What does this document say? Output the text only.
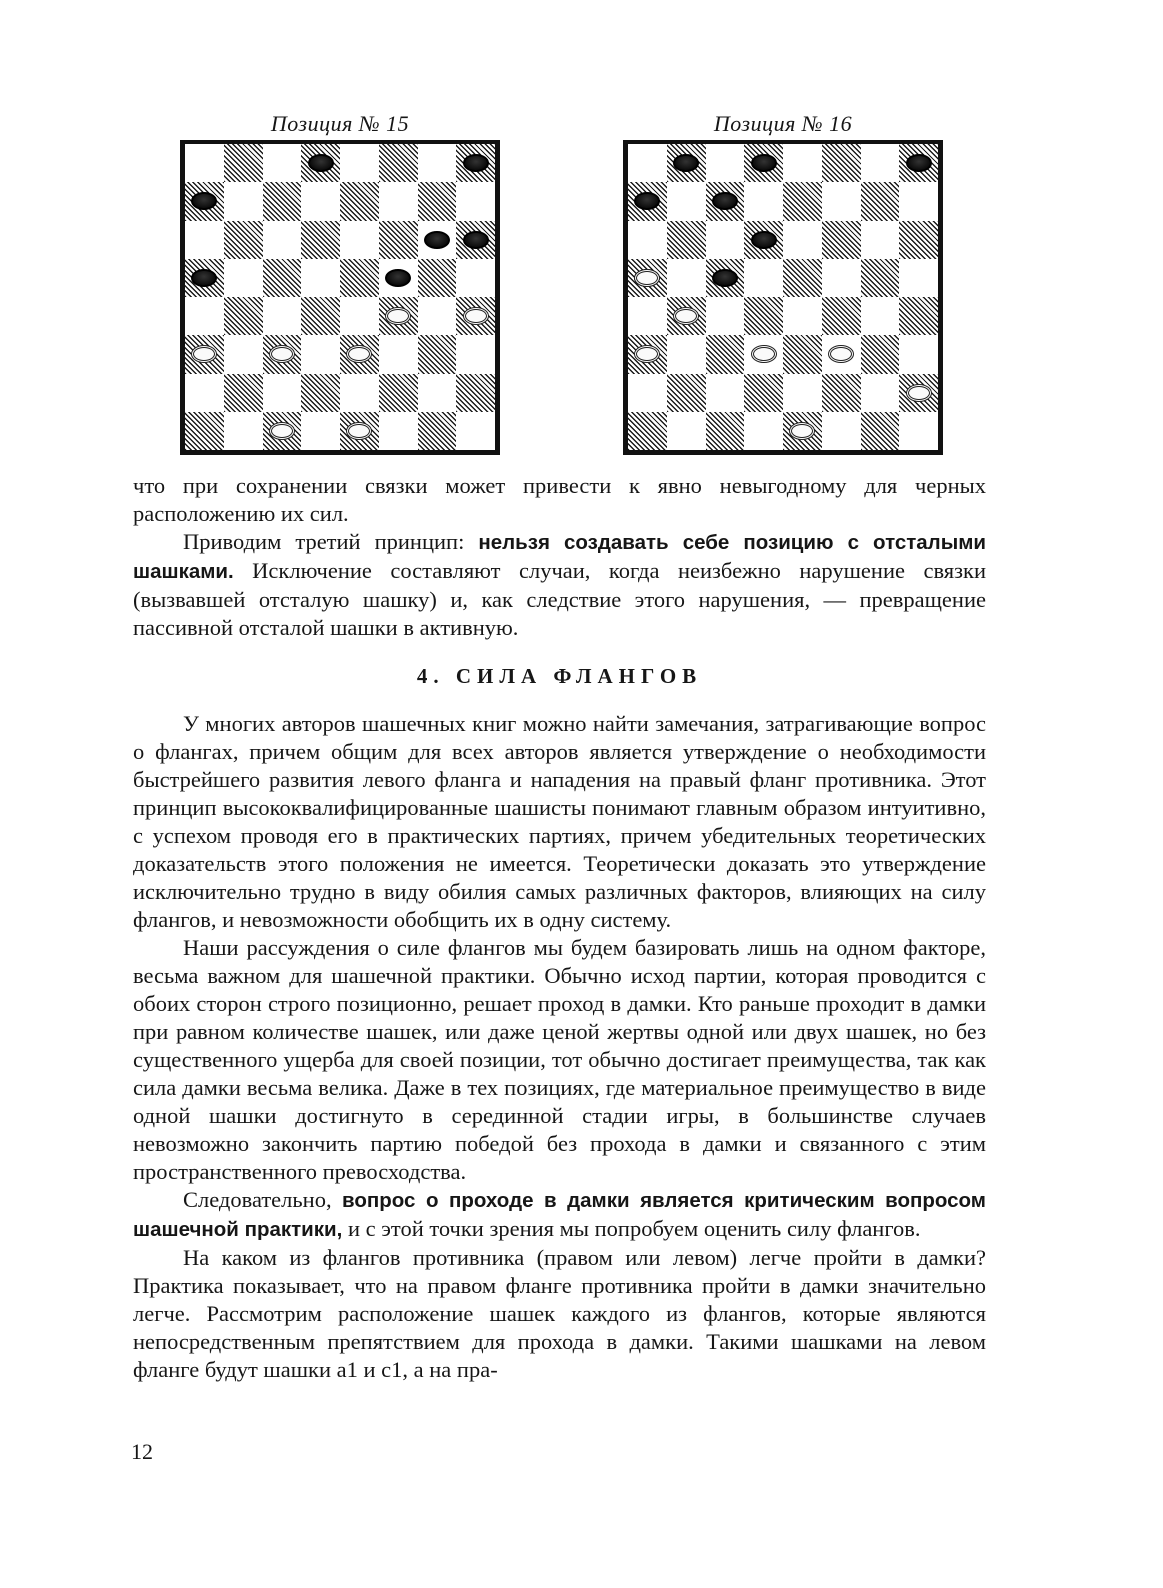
Позиция № 15	Позиция № 16

что при сохранении связки может привести к явно невыгодному для черных расположению их сил.

Приводим третий принцип: нельзя создавать себе позицию с отсталыми шашками. Исключение составляют случаи, когда неизбежно нарушение связки (вызвавшей отсталую шашку) и, как следствие этого нарушения, — превращение пассивной отсталой шашки в активную.

4. СИЛА ФЛАНГОВ

У многих авторов шашечных книг можно найти замечания, затрагивающие вопрос о флангах, причем общим для всех авторов является утверждение о необходимости быстрейшего развития левого фланга и нападения на правый фланг противника. Этот принцип высококвалифицированные шашисты понимают главным образом интуитивно, с успехом проводя его в практических партиях, причем убедительных теоретических доказательств этого положения не имеется. Теоретически доказать это утверждение исключительно трудно в виду обилия самых различных факторов, влияющих на силу флангов, и невозможности обобщить их в одну систему.

Наши рассуждения о силе флангов мы будем базировать лишь на одном факторе, весьма важном для шашечной практики. Обычно исход партии, которая проводится с обоих сторон строго позиционно, решает проход в дамки. Кто раньше проходит в дамки при равном количестве шашек, или даже ценой жертвы одной или двух шашек, но без существенного ущерба для своей позиции, тот обычно достигает преимущества, так как сила дамки весьма велика. Даже в тех позициях, где материальное преимущество в виде одной шашки достигнуто в серединной стадии игры, в большинстве случаев невозможно закончить партию победой без прохода в дамки и связанного с этим пространственного превосходства.

Следовательно, вопрос о проходе в дамки является критическим вопросом шашечной практики, и с этой точки зрения мы попробуем оценить силу флангов.

На каком из флангов противника (правом или левом) легче пройти в дамки? Практика показывает, что на правом фланге противника пройти в дамки значительно легче. Рассмотрим расположение шашек каждого из флангов, которые являются непосредственным препятствием для прохода в дамки. Такими шашками на левом фланге будут шашки a1 и c1, а на пра-

12
